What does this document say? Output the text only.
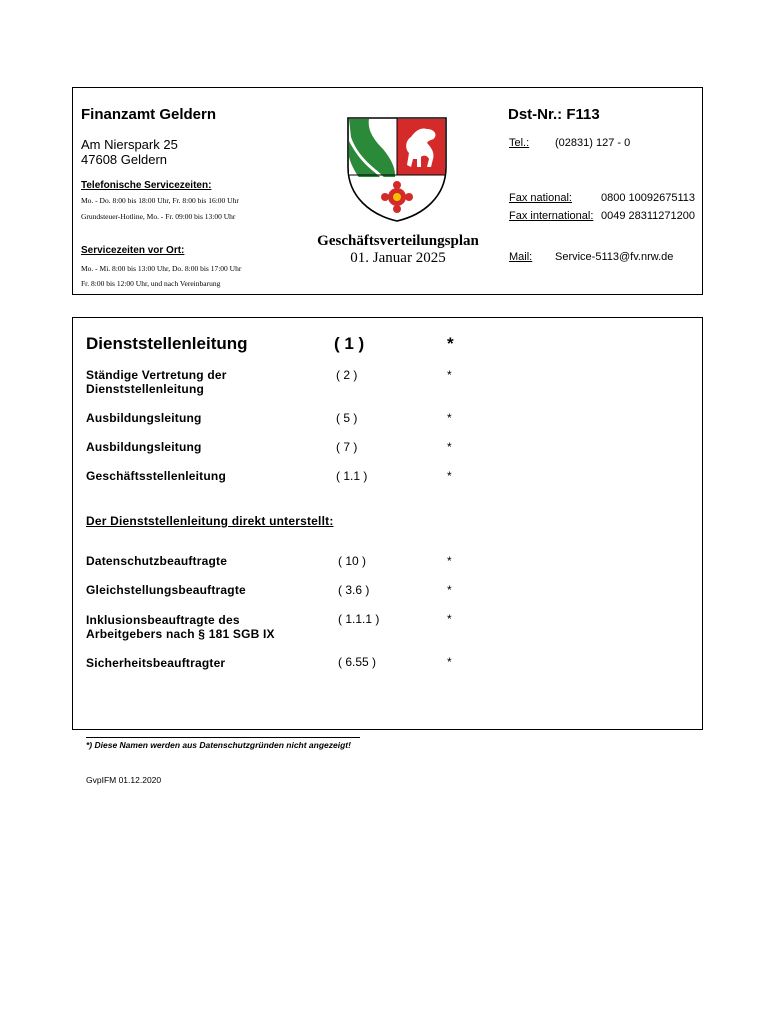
Finanzamt Geldern	Dst-Nr.: F113
Am Nierspark 25
47608 Geldern
Tel.: (02831) 127 - 0
Telefonische Servicezeiten:
Mo. - Do. 8:00 bis 18:00 Uhr, Fr. 8:00 bis 16:00 Uhr
Grundsteuer-Hotline, Mo. - Fr. 09:00 bis 13:00 Uhr
Fax national:	0800 10092675113
Fax international: 0049 28311271200
Servicezeiten vor Ort:
Mo. - Mi. 8:00 bis 13:00 Uhr, Do. 8:00 bis 17:00 Uhr
Fr. 8:00 bis 12:00 Uhr, und nach Vereinbarung
Geschäftsverteilungsplan
01. Januar 2025	Mail: Service-5113@fv.nrw.de
Dienststellenleitung	( 1 )	*
Ständige Vertretung der
Dienststellenleitung
( 2 )	*
Ausbildungsleitung	( 5 )	*
Ausbildungsleitung	( 7 )	*
Geschäftsstellenleitung	( 1.1 )	*
Der Dienststellenleitung direkt unterstellt:
Datenschutzbeauftragte	( 10 )	*
Gleichstellungsbeauftragte	( 3.6 )	*
Inklusionsbeauftragte des
Arbeitgebers nach § 181 SGB IX
( 1.1.1 )	*
Sicherheitsbeauftragter	( 6.55 )	*
*) Diese Namen werden aus Datenschutzgründen nicht angezeigt!
GvpIFM 01.12.2020
